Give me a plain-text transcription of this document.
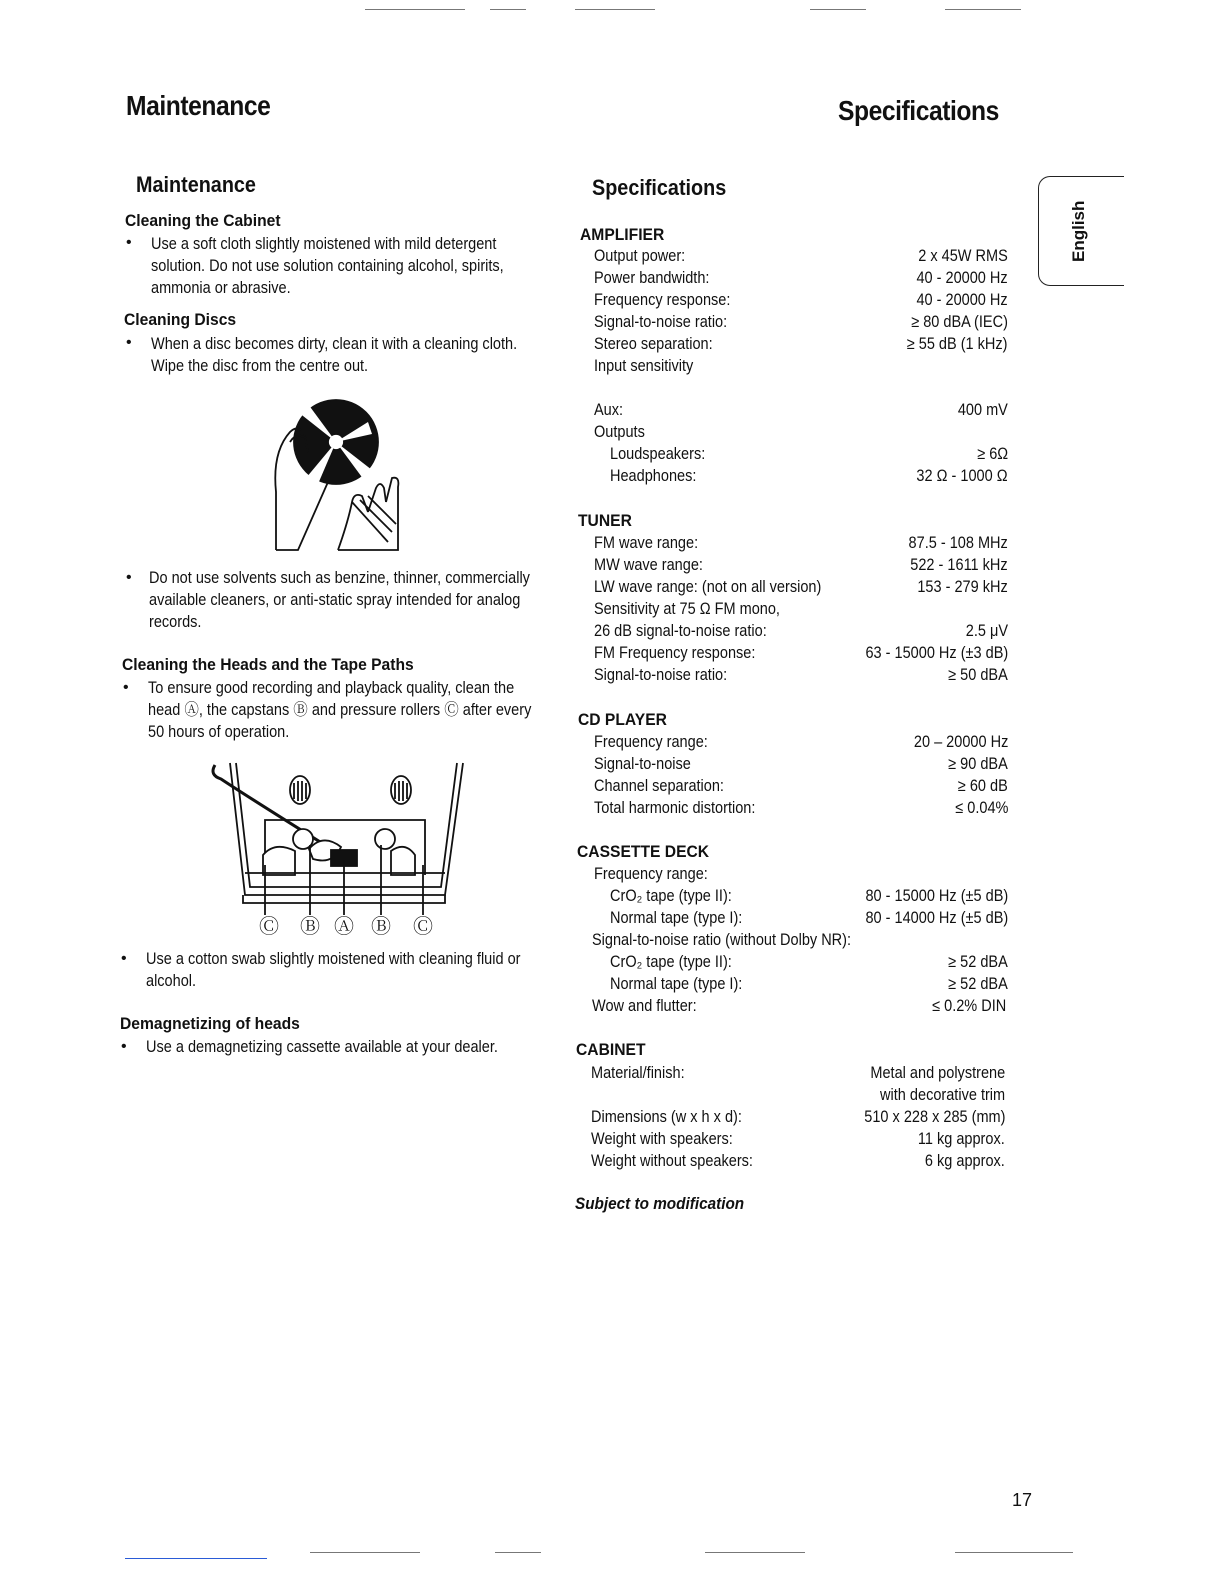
Maintenance	Specifications
English
Maintenance
Cleaning the Cabinet
• Use a soft cloth slightly moistened with mild detergent solution. Do not use solution containing alcohol, spirits, ammonia or abrasive.
Cleaning Discs
• When a disc becomes dirty, clean it with a cleaning cloth. Wipe the disc from the centre out.
• Do not use solvents such as benzine, thinner, commercially available cleaners, or anti-static spray intended for analog records.
Cleaning the Heads and the Tape Paths
• To ensure good recording and playback quality, clean the head Ⓐ, the capstans Ⓑ and pressure rollers Ⓒ after every 50 hours of operation.
Ⓒ Ⓑ Ⓐ Ⓑ Ⓒ
• Use a cotton swab slightly moistened with cleaning fluid or alcohol.
Demagnetizing of heads
• Use a demagnetizing cassette available at your dealer.
Specifications
AMPLIFIER
Output power:	2 x 45W RMS
Power bandwidth:	40 - 20000 Hz
Frequency response:	40 - 20000 Hz
Signal-to-noise ratio:	≥ 80 dBA (IEC)
Stereo separation:	≥ 55 dB (1 kHz)
Input sensitivity
Aux:	400 mV
Outputs
Loudspeakers:	≥ 6Ω
Headphones:	32 Ω - 1000 Ω
TUNER
FM wave range:	87.5 - 108 MHz
MW wave range:	522 - 1611 kHz
LW wave range: (not on all version)	153 - 279 kHz
Sensitivity at 75 Ω FM mono,
26 dB signal-to-noise ratio:	2.5 μV
FM Frequency response:	63 - 15000 Hz (±3 dB)
Signal-to-noise ratio:	≥ 50 dBA
CD PLAYER
Frequency range:	20 – 20000 Hz
Signal-to-noise	≥ 90 dBA
Channel separation:	≥ 60 dB
Total harmonic distortion:	≤ 0.04%
CASSETTE DECK
Frequency range:
CrO₂ tape (type II):	80 - 15000 Hz (±5 dB)
Normal tape (type I):	80 - 14000 Hz (±5 dB)
Signal-to-noise ratio (without Dolby NR):
CrO₂ tape (type II):	≥ 52 dBA
Normal tape (type I):	≥ 52 dBA
Wow and flutter:	≤ 0.2% DIN
CABINET
Material/finish:	Metal and polystrene
with decorative trim
Dimensions (w x h x d):	510 x 228 x 285 (mm)
Weight with speakers:	11 kg approx.
Weight without speakers:	6 kg approx.
Subject to modification
17
